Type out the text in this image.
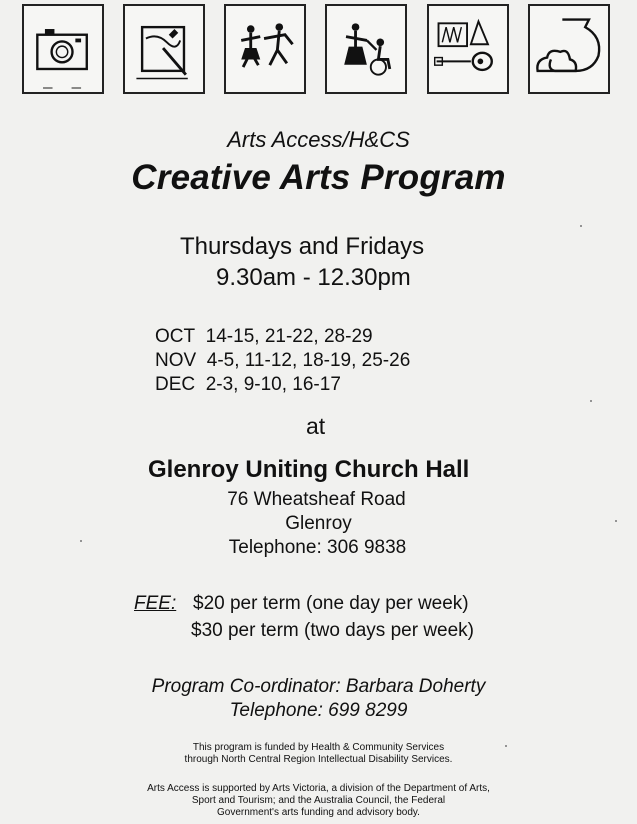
Arts Access/H&CS
Creative Arts Program
Thursdays and Fridays
9.30am - 12.30pm
OCT 14-15, 21-22, 28-29
NOV 4-5, 11-12, 18-19, 25-26
DEC 2-3, 9-10, 16-17
at
Glenroy Uniting Church Hall
76 Wheatsheaf Road
Glenroy
Telephone: 306 9838
FEE: $20 per term (one day per week)
$30 per term (two days per week)
Program Co-ordinator: Barbara Doherty
Telephone: 699 8299
This program is funded by Health & Community Services
through North Central Region Intellectual Disability Services.
Arts Access is supported by Arts Victoria, a division of the Department of Arts,
Sport and Tourism; and the Australia Council, the Federal
Government's arts funding and advisory body.
